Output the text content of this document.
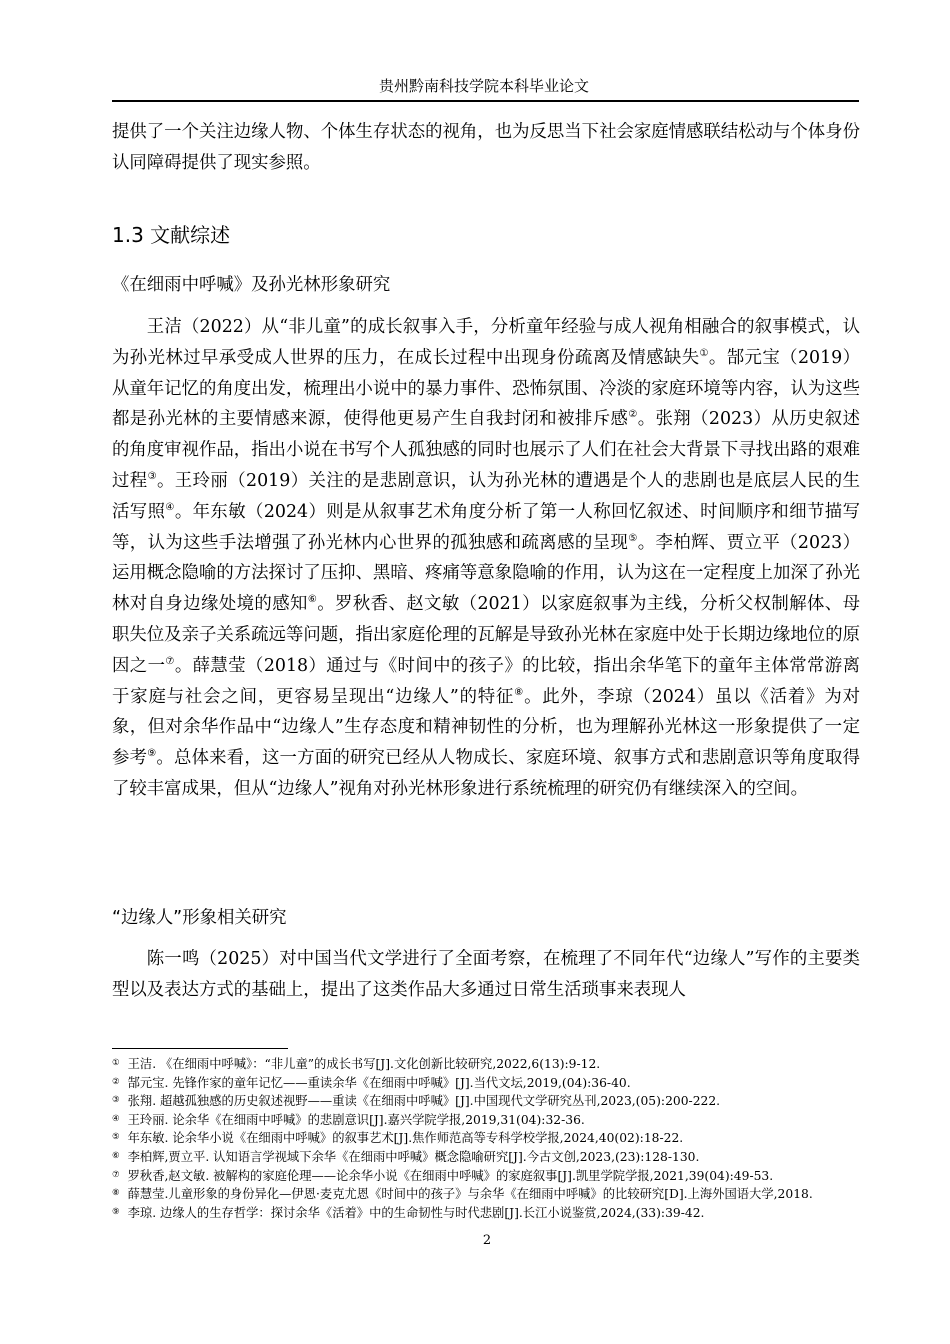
贵州黔南科技学院本科毕业论文

提供了一个关注边缘人物、个体生存状态的视角，也为反思当下社会家庭情感联结松动与个体身份认同障碍提供了现实参照。

1.3 文献综述
《在细雨中呼喊》及孙光林形象研究

王洁（2022）从“非儿童”的成长叙事入手，分析童年经验与成人视角相融合的叙事模式，认为孙光林过早承受成人世界的压力，在成长过程中出现身份疏离及情感缺失①。郜元宝（2019）从童年记忆的角度出发，梳理出小说中的暴力事件、恐怖氛围、冷淡的家庭环境等内容，认为这些都是孙光林的主要情感来源，使得他更易产生自我封闭和被排斥感②。张翔（2023）从历史叙述的角度审视作品，指出小说在书写个人孤独感的同时也展示了人们在社会大背景下寻找出路的艰难过程③。王玲丽（2019）关注的是悲剧意识，认为孙光林的遭遇是个人的悲剧也是底层人民的生活写照④。年东敏（2024）则是从叙事艺术角度分析了第一人称回忆叙述、时间顺序和细节描写等，认为这些手法增强了孙光林内心世界的孤独感和疏离感的呈现⑤。李柏辉、贾立平（2023）运用概念隐喻的方法探讨了压抑、黑暗、疼痛等意象隐喻的作用，认为这在一定程度上加深了孙光林对自身边缘处境的感知⑥。罗秋香、赵文敏（2021）以家庭叙事为主线，分析父权制解体、母职失位及亲子关系疏远等问题，指出家庭伦理的瓦解是导致孙光林在家庭中处于长期边缘地位的原因之一⑦。薛慧莹（2018）通过与《时间中的孩子》的比较，指出余华笔下的童年主体常常游离于家庭与社会之间，更容易呈现出“边缘人”的特征⑧。此外，李琼（2024）虽以《活着》为对象，但对余华作品中“边缘人”生存态度和精神韧性的分析，也为理解孙光林这一形象提供了一定参考⑨。总体来看，这一方面的研究已经从人物成长、家庭环境、叙事方式和悲剧意识等角度取得了较丰富成果，但从“边缘人”视角对孙光林形象进行系统梳理的研究仍有继续深入的空间。

“边缘人”形象相关研究

陈一鸣（2025）对中国当代文学进行了全面考察，在梳理了不同年代“边缘人”写作的主要类型以及表达方式的基础上，提出了这类作品大多通过日常生活琐事来表现人

① 王洁. 《在细雨中呼喊》：“非儿童”的成长书写[J].文化创新比较研究,2022,6(13):9-12.
② 郜元宝. 先锋作家的童年记忆——重读余华《在细雨中呼喊》[J].当代文坛,2019,(04):36-40.
③ 张翔. 超越孤独感的历史叙述视野——重读《在细雨中呼喊》[J].中国现代文学研究丛刊,2023,(05):200-222.
④ 王玲丽. 论余华《在细雨中呼喊》的悲剧意识[J].嘉兴学院学报,2019,31(04):32-36.
⑤ 年东敏. 论余华小说《在细雨中呼喊》的叙事艺术[J].焦作师范高等专科学校学报,2024,40(02):18-22.
⑥ 李柏辉,贾立平. 认知语言学视域下余华《在细雨中呼喊》概念隐喻研究[J].今古文创,2023,(23):128-130.
⑦ 罗秋香,赵文敏. 被解构的家庭伦理——论余华小说《在细雨中呼喊》的家庭叙事[J].凯里学院学报,2021,39(04):49-53.
⑧ 薛慧莹.儿童形象的身份异化—伊恩·麦克尤恩《时间中的孩子》与余华《在细雨中呼喊》的比较研究[D].上海外国语大学,2018.
⑨ 李琼. 边缘人的生存哲学：探讨余华《活着》中的生命韧性与时代悲剧[J].长江小说鉴赏,2024,(33):39-42.
2
